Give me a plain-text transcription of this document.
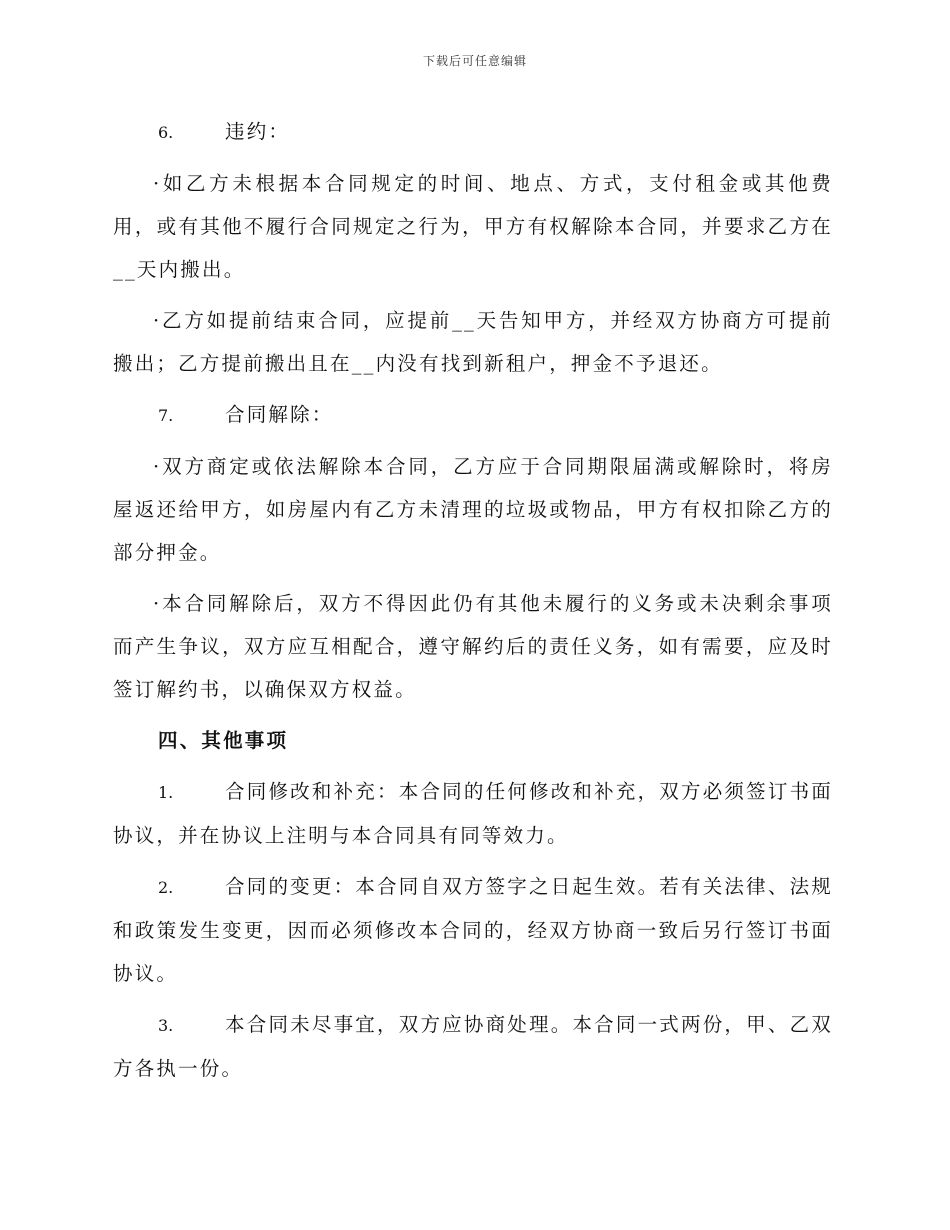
下载后可任意编辑

6.	违约：

·如乙方未根据本合同规定的时间、地点、方式，支付租金或其他费用，或有其他不履行合同规定之行为，甲方有权解除本合同，并要求乙方在__天内搬出。

·乙方如提前结束合同，应提前__天告知甲方，并经双方协商方可提前搬出；乙方提前搬出且在__内没有找到新租户，押金不予退还。

7.	合同解除：

·双方商定或依法解除本合同，乙方应于合同期限届满或解除时，将房屋返还给甲方，如房屋内有乙方未清理的垃圾或物品，甲方有权扣除乙方的部分押金。

·本合同解除后，双方不得因此仍有其他未履行的义务或未决剩余事项而产生争议，双方应互相配合，遵守解约后的责任义务，如有需要，应及时签订解约书，以确保双方权益。

四、其他事项

1.	合同修改和补充：本合同的任何修改和补充，双方必须签订书面协议，并在协议上注明与本合同具有同等效力。

2.	合同的变更：本合同自双方签字之日起生效。若有关法律、法规和政策发生变更，因而必须修改本合同的，经双方协商一致后另行签订书面协议。

3.	本合同未尽事宜，双方应协商处理。本合同一式两份，甲、乙双方各执一份。
